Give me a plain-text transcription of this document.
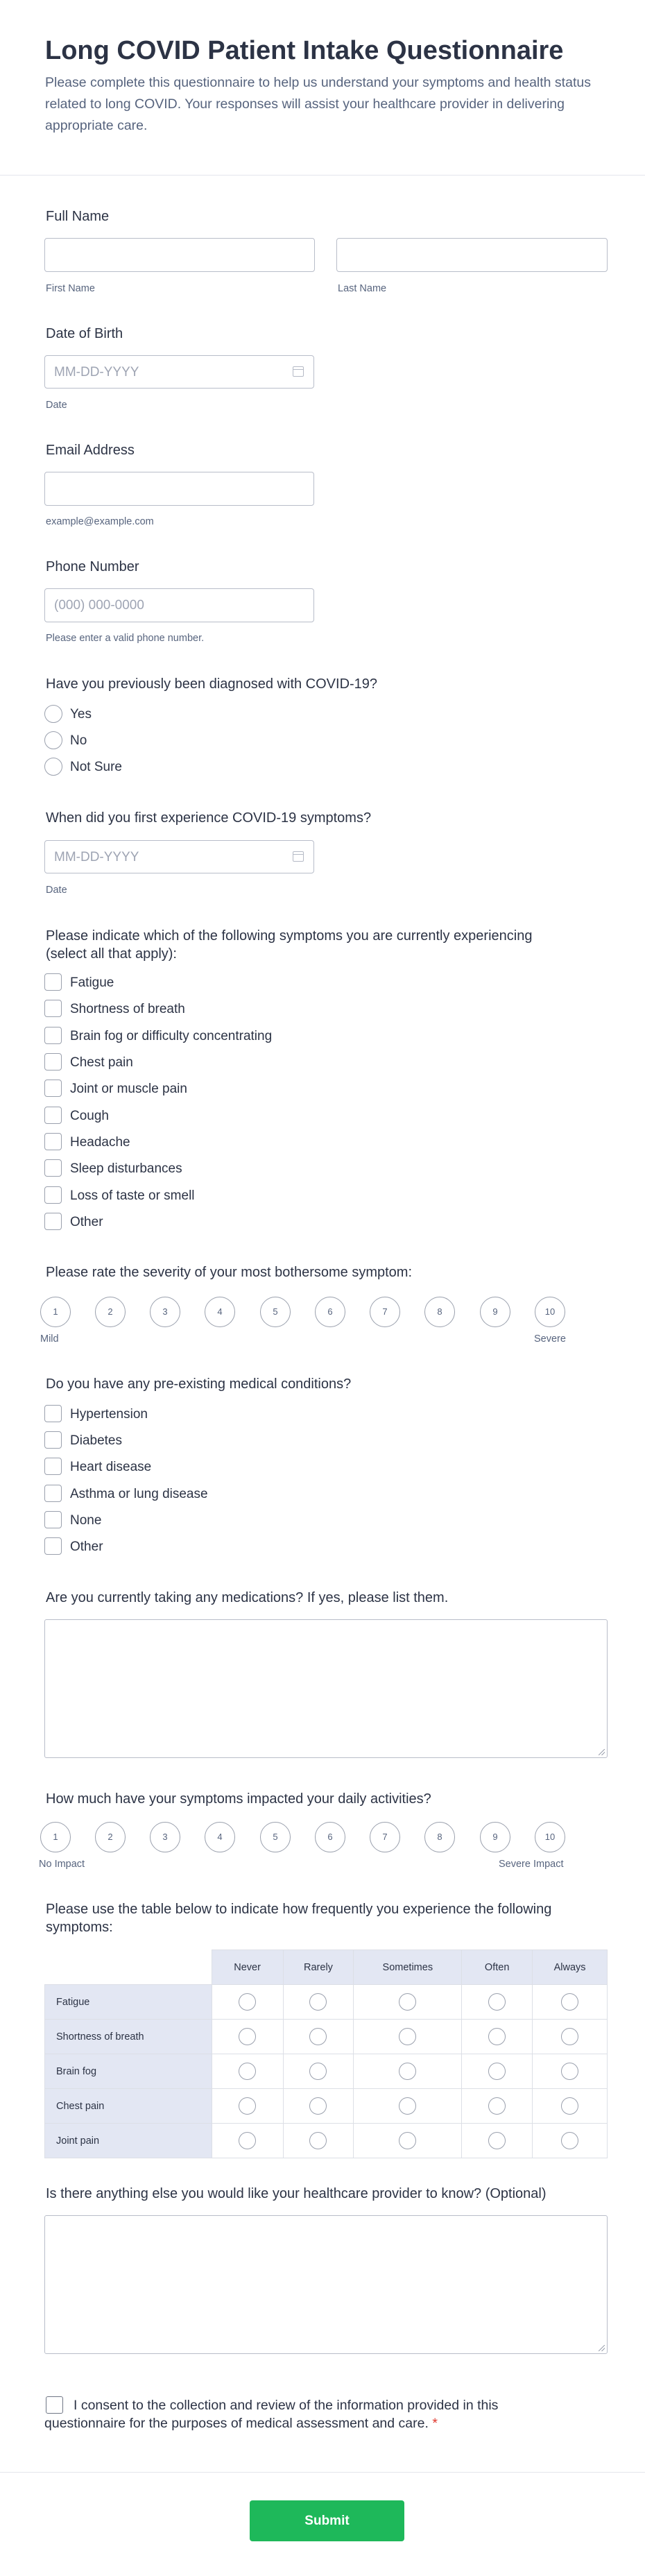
Long COVID Patient Intake Questionnaire
Please complete this questionnaire to help us understand your symptoms and health status related to long COVID. Your responses will assist your healthcare provider in delivering appropriate care.
Full Name
First Name	Last Name
Date of Birth
MM-DD-YYYY
Date
Email Address
example@example.com
Phone Number
(000) 000-0000
Please enter a valid phone number.
Have you previously been diagnosed with COVID-19?
Yes
No
Not Sure
When did you first experience COVID-19 symptoms?
MM-DD-YYYY
Date
Please indicate which of the following symptoms you are currently experiencing
(select all that apply):
Fatigue
Shortness of breath
Brain fog or difficulty concentrating
Chest pain
Joint or muscle pain
Cough
Headache
Sleep disturbances
Loss of taste or smell
Other
Please rate the severity of your most bothersome symptom:
1	2	3	4	5	6	7	8	9	10
Mild	Severe
Do you have any pre-existing medical conditions?
Hypertension
Diabetes
Heart disease
Asthma or lung disease
None
Other
Are you currently taking any medications? If yes, please list them.
How much have your symptoms impacted your daily activities?
1	2	3	4	5	6	7	8	9	10
No Impact	Severe Impact
Please use the table below to indicate how frequently you experience the following
symptoms:
	Never	Rarely	Sometimes	Often	Always
Fatigue					
Shortness of breath					
Brain fog					
Chest pain					
Joint pain					
Is there anything else you would like your healthcare provider to know? (Optional)
I consent to the collection and review of the information provided in this
questionnaire for the purposes of medical assessment and care. *
Submit
